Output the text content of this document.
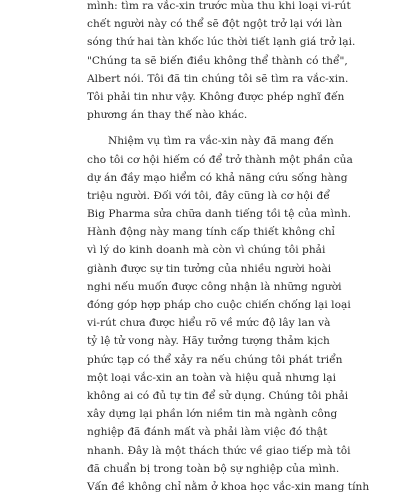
mình: tìm ra vắc-xin trước mùa thu khi loại vi-rút
chết người này có thể sẽ đột ngột trở lại với làn
sóng thứ hai tàn khốc lúc thời tiết lạnh giá trở lại.
"Chúng ta sẽ biến điều không thể thành có thể",
Albert nói. Tôi đã tin chúng tôi sẽ tìm ra vắc-xin.
Tôi phải tin như vậy. Không được phép nghĩ đến
phương án thay thế nào khác.
Nhiệm vụ tìm ra vắc-xin này đã mang đến
cho tôi cơ hội hiếm có để trở thành một phần của
dự án đầy mạo hiểm có khả năng cứu sống hàng
triệu người. Đối với tôi, đây cũng là cơ hội để
Big Pharma sửa chữa danh tiếng tồi tệ của mình.
Hành động này mang tính cấp thiết không chỉ
vì lý do kinh doanh mà còn vì chúng tôi phải
giành được sự tin tưởng của nhiều người hoài
nghi nếu muốn được công nhận là những người
đóng góp hợp pháp cho cuộc chiến chống lại loại
vi-rút chưa được hiểu rõ về mức độ lây lan và
tỷ lệ tử vong này. Hãy tưởng tượng thảm kịch
phức tạp có thể xảy ra nếu chúng tôi phát triển
một loại vắc-xin an toàn và hiệu quả nhưng lại
không ai có đủ tự tin để sử dụng. Chúng tôi phải
xây dựng lại phần lớn niềm tin mà ngành công
nghiệp đã đánh mất và phải làm việc đó thật
nhanh. Đây là một thách thức về giao tiếp mà tôi
đã chuẩn bị trong toàn bộ sự nghiệp của mình.
Vấn đề không chỉ nằm ở khoa học vắc-xin mang tính
